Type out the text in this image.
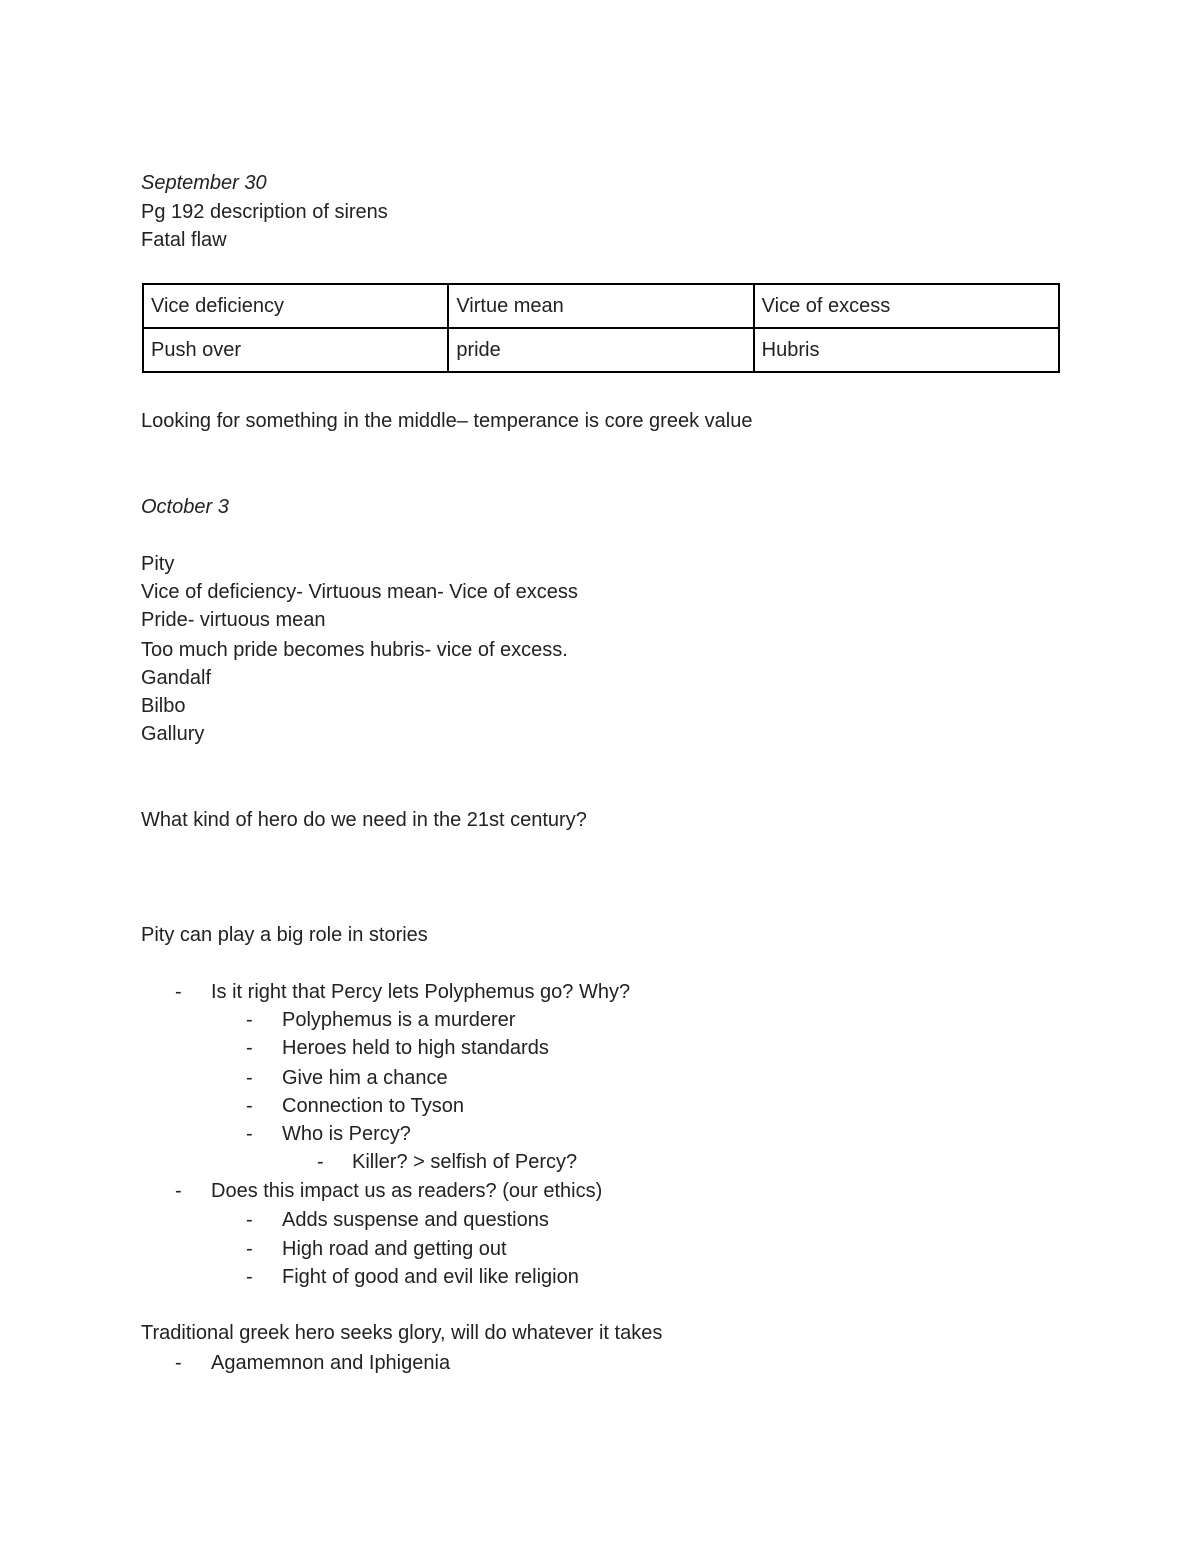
September 30
Pg 192 description of sirens
Fatal flaw
Vice deficiency	Virtue mean	Vice of excess
Push over	pride	Hubris
Looking for something in the middle– temperance is core greek value
October 3
Pity
Vice of deficiency- Virtuous mean- Vice of excess
Pride- virtuous mean
Too much pride becomes hubris- vice of excess.
Gandalf
Bilbo
Gallury
What kind of hero do we need in the 21st century?
Pity can play a big role in stories
- Is it right that Percy lets Polyphemus go? Why?
- Polyphemus is a murderer
- Heroes held to high standards
- Give him a chance
- Connection to Tyson
- Who is Percy?
- Killer? > selfish of Percy?
- Does this impact us as readers? (our ethics)
- Adds suspense and questions
- High road and getting out
- Fight of good and evil like religion
Traditional greek hero seeks glory, will do whatever it takes
- Agamemnon and Iphigenia
